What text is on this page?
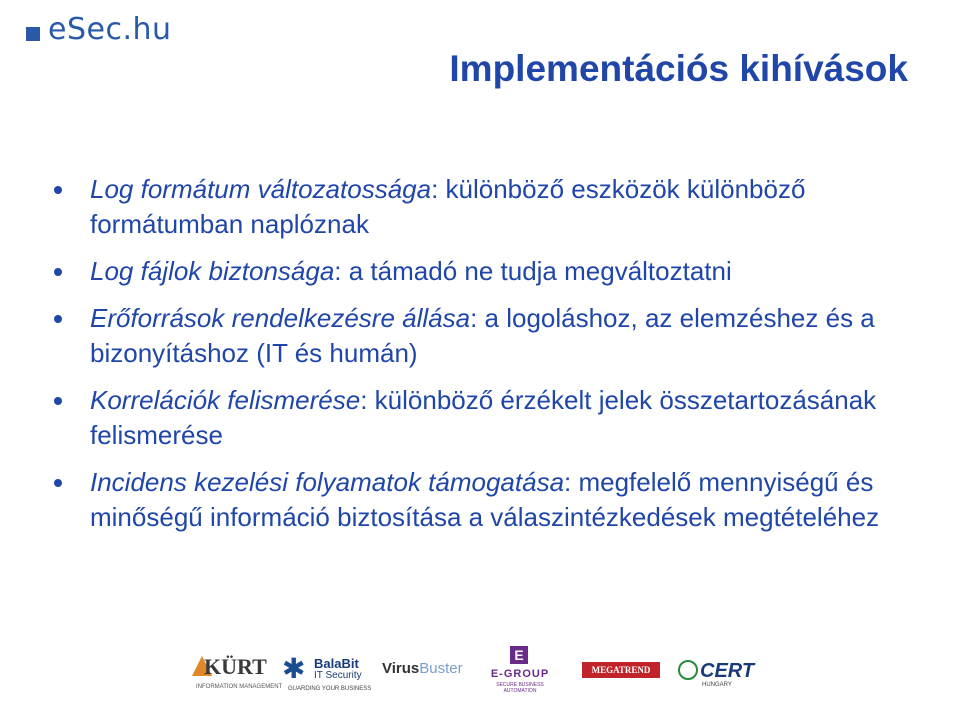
eSec.hu
Implementációs kihívások
Log formátum változatossága: különböző eszközök különböző formátumban naplóznak
Log fájlok biztonsága: a támadó ne tudja megváltoztatni
Erőforrások rendelkezésre állása: a logoláshoz, az elemzéshez és a bizonyításhoz (IT és humán)
Korrelációk felismerése: különböző érzékelt jelek összetartozásának felismerése
Incidens kezelési folyamatok támogatása: megfelelő mennyiségű és minőségű információ biztosítása a válaszintézkedések megtételéhez
KÜRT
INFORMATION MANAGEMENT
✱ BalaBit
IT Security
GUARDING YOUR BUSINESS
VirusBuster
E
E-GROUP
SECURE BUSINESS AUTOMATION
MEGATREND	CERT
HUNGARY
